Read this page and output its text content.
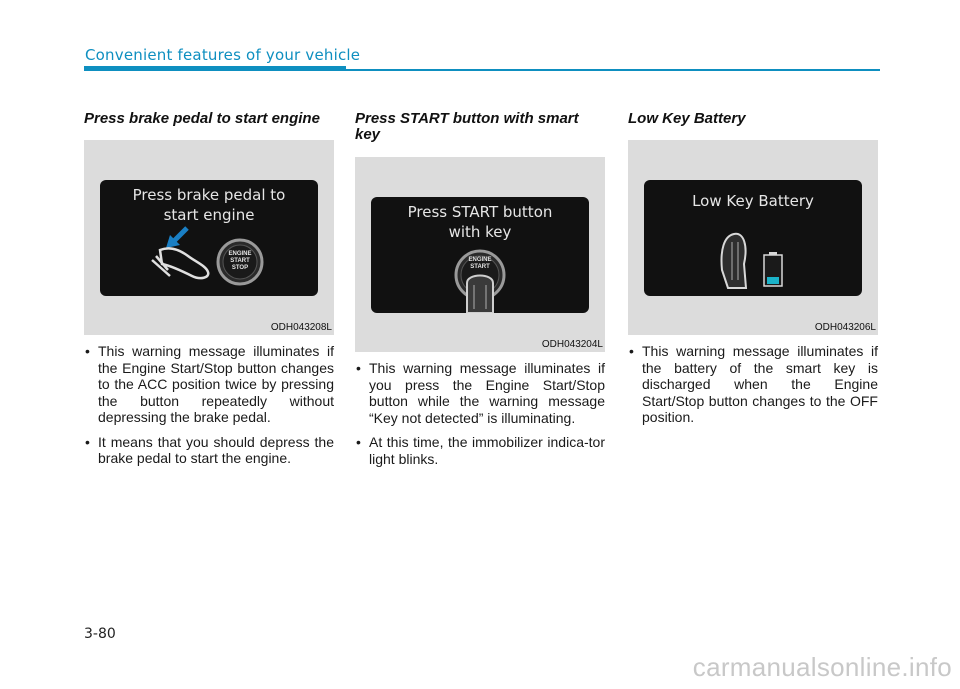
Convenient features of your vehicle
Press brake pedal to start engine
Press brake pedal to
start engine
ENGINE
START
STOP
ODH043208L
• This warning message illuminates if the Engine Start/Stop button changes to the ACC position twice by pressing the button repeatedly without depressing the brake pedal.
• It means that you should depress the brake pedal to start the engine.
Press START button with smart key
Press START button
with key
ENGINE
START
ODH043204L
• This warning message illuminates if you press the Engine Start/Stop button while the warning message “Key not detected” is illuminating.
• At this time, the immobilizer indica-tor light blinks.
Low Key Battery
Low Key Battery
ODH043206L
• This warning message illuminates if the battery of the smart key is discharged when the Engine Start/Stop button changes to the OFF position.
3-80
carmanualsonline.info
